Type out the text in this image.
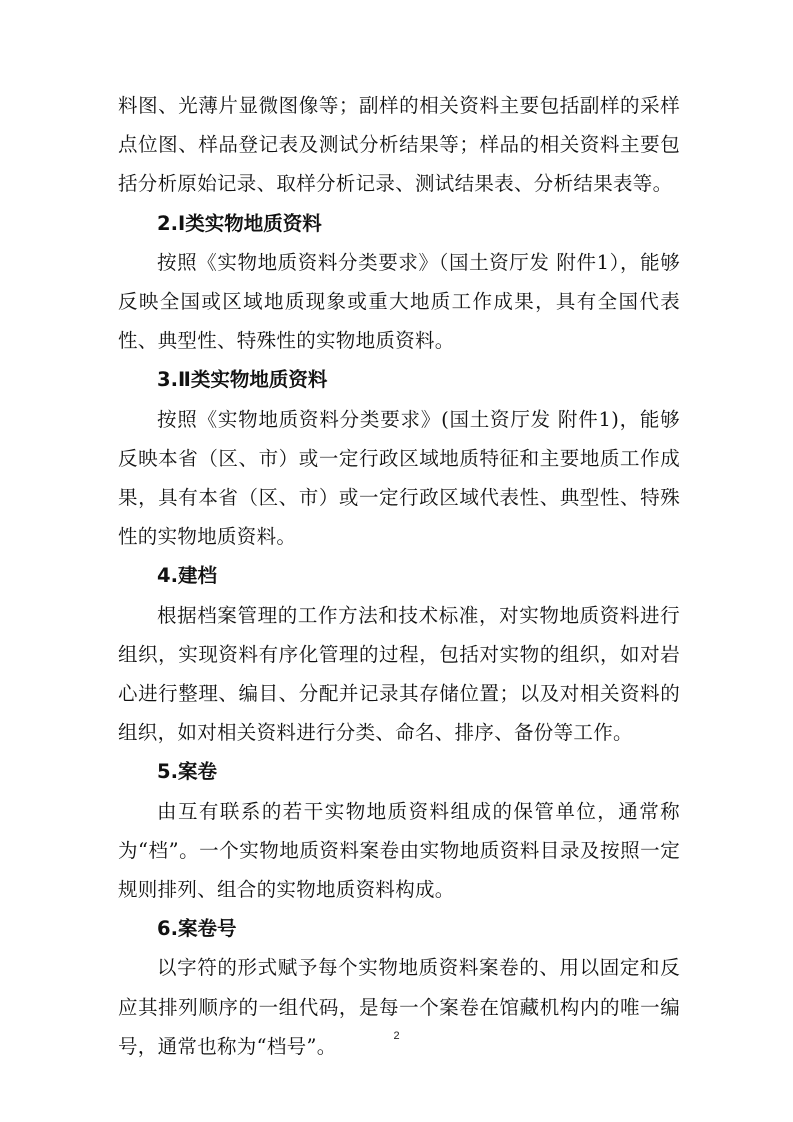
料图、光薄片显微图像等；副样的相关资料主要包括副样的采样点位图、样品登记表及测试分析结果等；样品的相关资料主要包括分析原始记录、取样分析记录、测试结果表、分析结果表等。

2.Ⅰ类实物地质资料

按照《实物地质资料分类要求》（国土资厅发 附件1），能够反映全国或区域地质现象或重大地质工作成果，具有全国代表性、典型性、特殊性的实物地质资料。

3.Ⅱ类实物地质资料

按照《实物地质资料分类要求》(国土资厅发 附件1)，能够反映本省（区、市）或一定行政区域地质特征和主要地质工作成果，具有本省（区、市）或一定行政区域代表性、典型性、特殊性的实物地质资料。

4.建档

根据档案管理的工作方法和技术标准，对实物地质资料进行组织，实现资料有序化管理的过程，包括对实物的组织，如对岩心进行整理、编目、分配并记录其存储位置；以及对相关资料的组织，如对相关资料进行分类、命名、排序、备份等工作。

5.案卷

由互有联系的若干实物地质资料组成的保管单位，通常称为“档”。一个实物地质资料案卷由实物地质资料目录及按照一定规则排列、组合的实物地质资料构成。

6.案卷号

以字符的形式赋予每个实物地质资料案卷的、用以固定和反应其排列顺序的一组代码，是每一个案卷在馆藏机构内的唯一编号，通常也称为“档号”。	2
